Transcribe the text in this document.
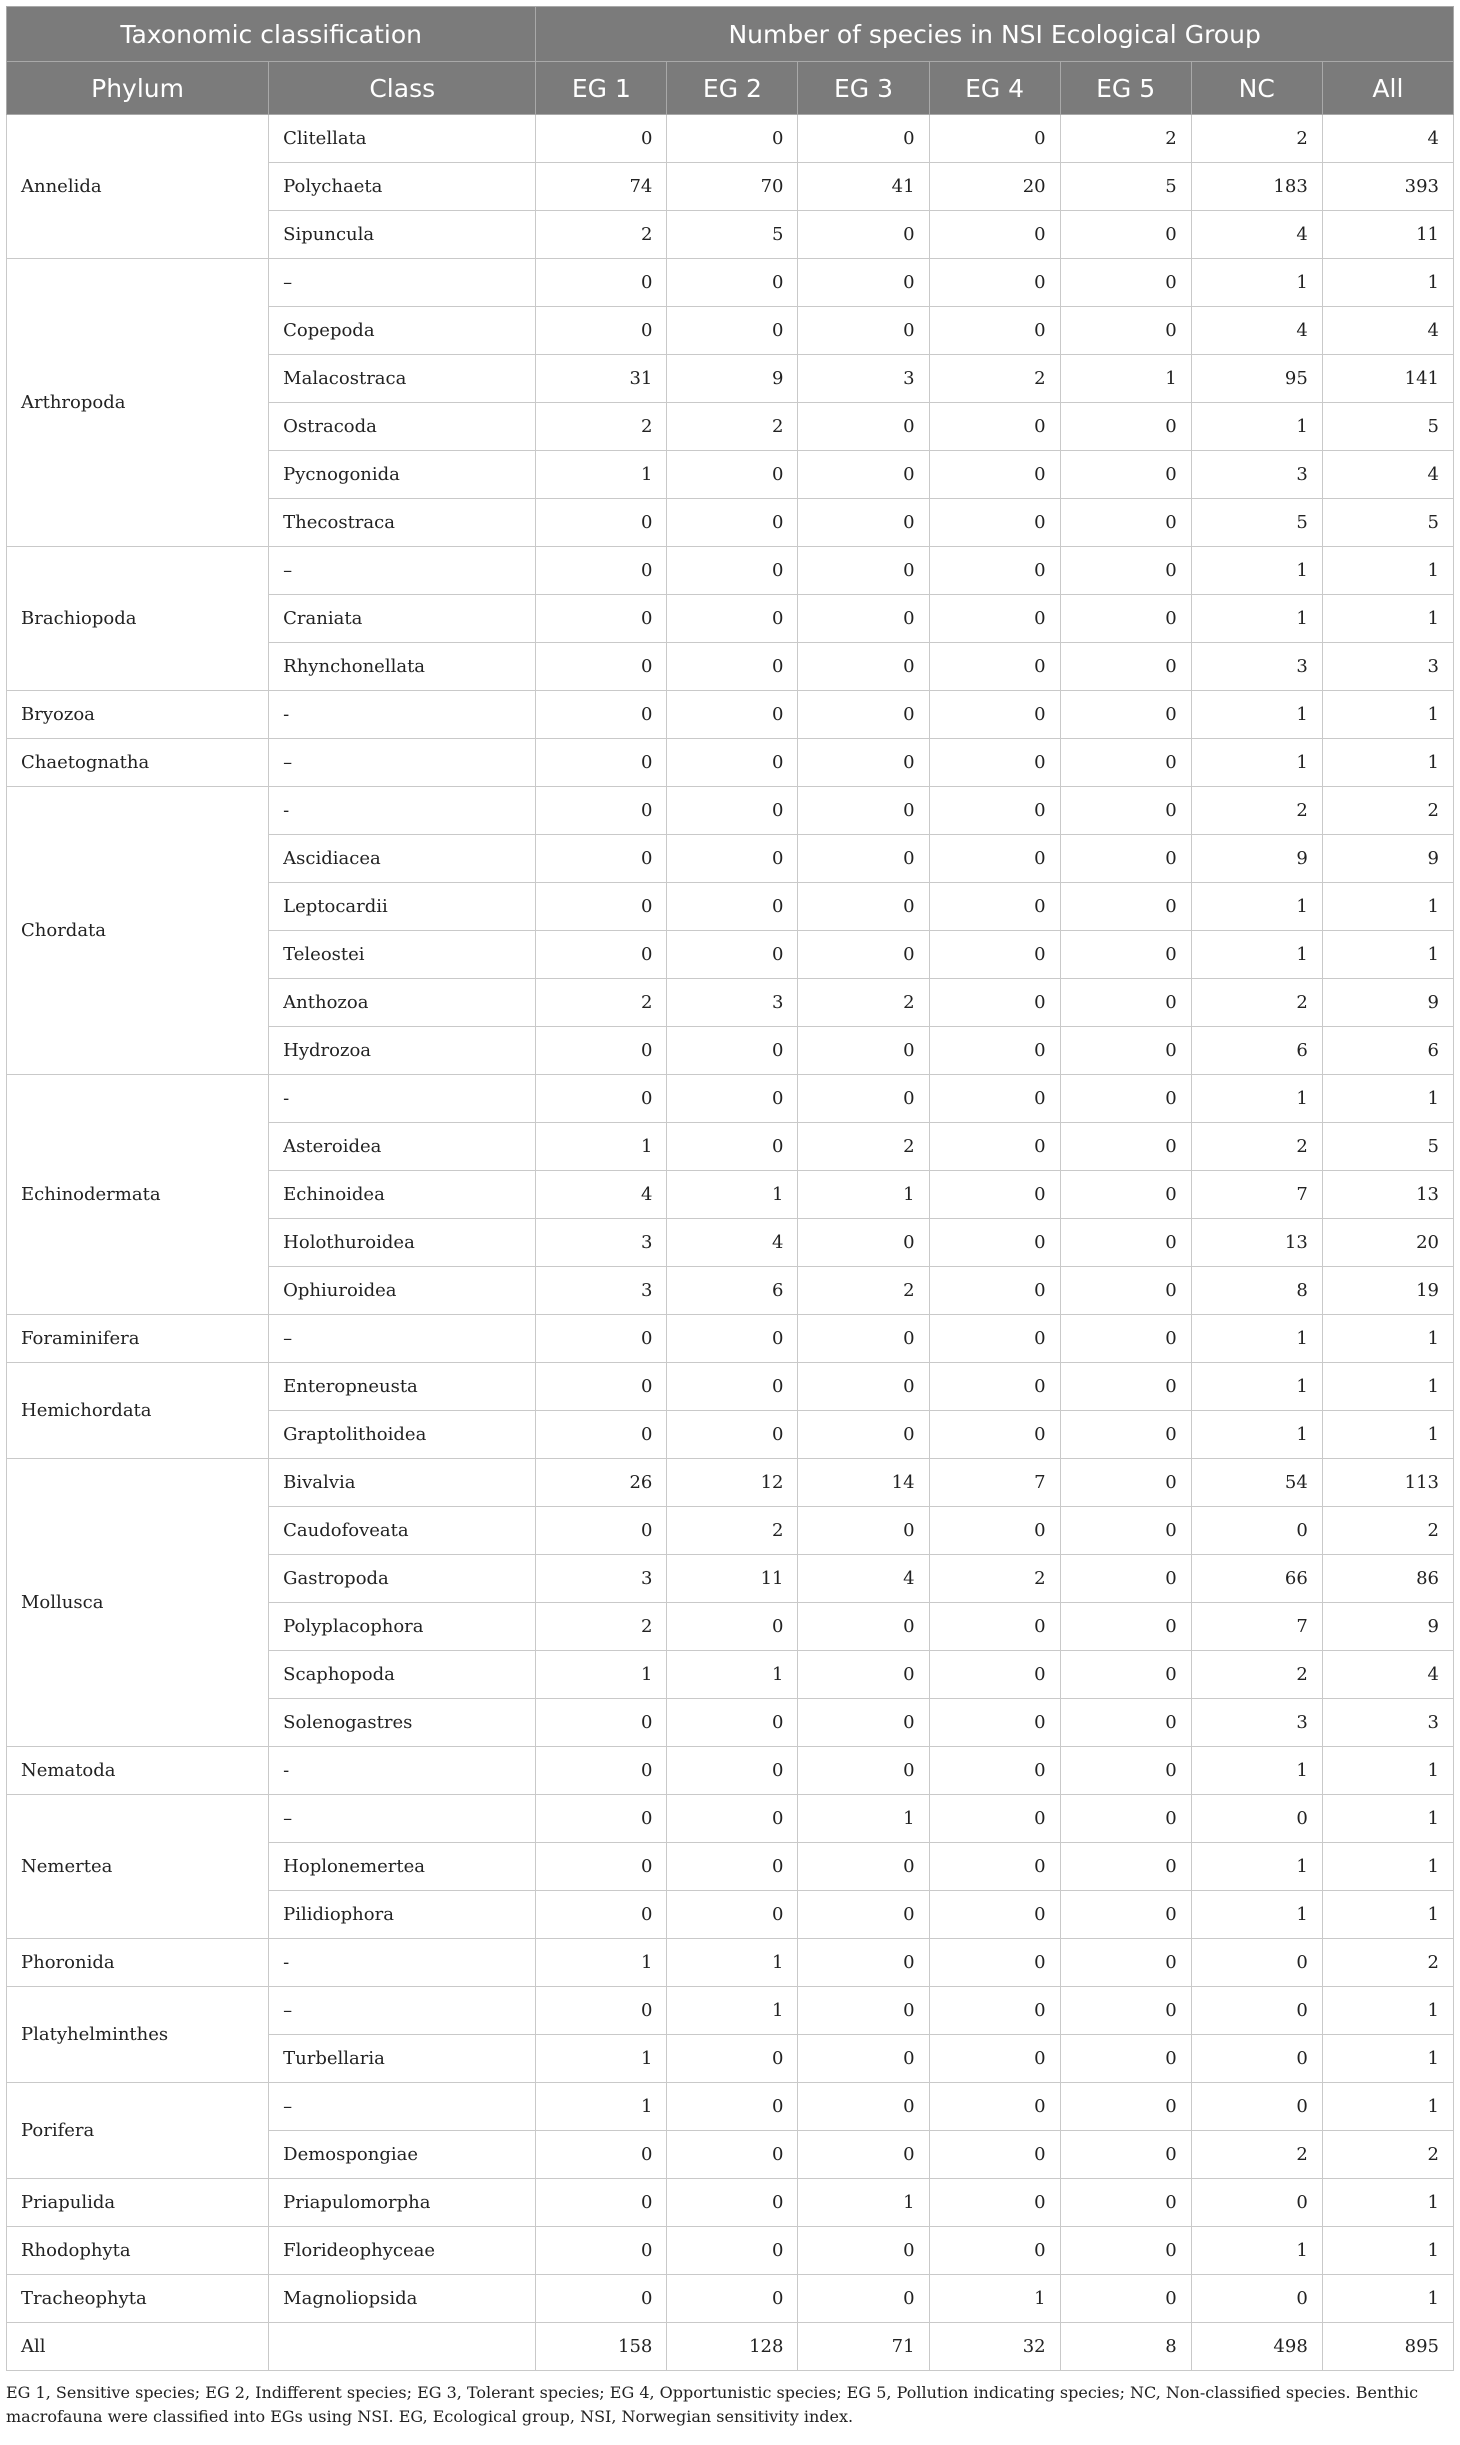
Taxonomic classification		Number of species in NSI Ecological Group						
Phylum	Class	EG 1	EG 2	EG 3	EG 4	EG 5	NC	All
Annelida	Clitellata	0	0	0	0	2	2	4
	Polychaeta	74	70	41	20	5	183	393
	Sipuncula	2	5	0	0	0	4	11
Arthropoda	–	0	0	0	0	0	1	1
	Copepoda	0	0	0	0	0	4	4
	Malacostraca	31	9	3	2	1	95	141
	Ostracoda	2	2	0	0	0	1	5
	Pycnogonida	1	0	0	0	0	3	4
	Thecostraca	0	0	0	0	0	5	5
Brachiopoda	–	0	0	0	0	0	1	1
	Craniata	0	0	0	0	0	1	1
	Rhynchonellata	0	0	0	0	0	3	3
Bryozoa	-	0	0	0	0	0	1	1
Chaetognatha	–	0	0	0	0	0	1	1
Chordata	-	0	0	0	0	0	2	2
	Ascidiacea	0	0	0	0	0	9	9
	Leptocardii	0	0	0	0	0	1	1
	Teleostei	0	0	0	0	0	1	1
	Anthozoa	2	3	2	0	0	2	9
	Hydrozoa	0	0	0	0	0	6	6
Echinodermata	-	0	0	0	0	0	1	1
	Asteroidea	1	0	2	0	0	2	5
	Echinoidea	4	1	1	0	0	7	13
	Holothuroidea	3	4	0	0	0	13	20
	Ophiuroidea	3	6	2	0	0	8	19
Foraminifera	–	0	0	0	0	0	1	1
Hemichordata	Enteropneusta	0	0	0	0	0	1	1
	Graptolithoidea	0	0	0	0	0	1	1
Mollusca	Bivalvia	26	12	14	7	0	54	113
	Caudofoveata	0	2	0	0	0	0	2
	Gastropoda	3	11	4	2	0	66	86
	Polyplacophora	2	0	0	0	0	7	9
	Scaphopoda	1	1	0	0	0	2	4
	Solenogastres	0	0	0	0	0	3	3
Nematoda	-	0	0	0	0	0	1	1
Nemertea	–	0	0	1	0	0	0	1
	Hoplonemertea	0	0	0	0	0	1	1
	Pilidiophora	0	0	0	0	0	1	1
Phoronida	-	1	1	0	0	0	0	2
Platyhelminthes	–	0	1	0	0	0	0	1
	Turbellaria	1	0	0	0	0	0	1
Porifera	–	1	0	0	0	0	0	1
	Demospongiae	0	0	0	0	0	2	2
Priapulida	Priapulomorpha	0	0	1	0	0	0	1
Rhodophyta	Florideophyceae	0	0	0	0	0	1	1
Tracheophyta	Magnoliopsida	0	0	0	1	0	0	1
All		158	128	71	32	8	498	895
EG 1, Sensitive species; EG 2, Indifferent species; EG 3, Tolerant species; EG 4, Opportunistic species; EG 5, Pollution indicating species; NC, Non-classified species. Benthic macrofauna were classified into EGs using NSI. EG, Ecological group, NSI, Norwegian sensitivity index.
